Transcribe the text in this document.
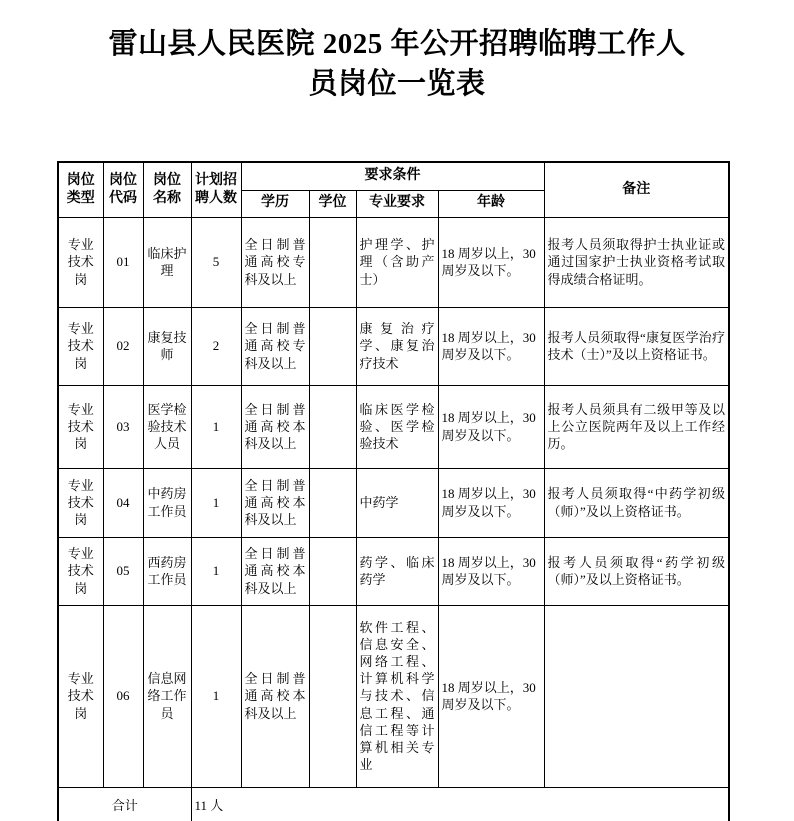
雷山县人民医院 2025 年公开招聘临聘工作人员岗位一览表
岗位类型	岗位代码	岗位名称	计划招聘人数	要求条件				备注
				学历	学位	专业要求	年龄	
专业技术岗	01	临床护理	5	全日制普通高校专科及以上		护理学、护理（含助产士）	18 周岁以上，30 周岁及以下。	报考人员须取得护士执业证或通过国家护士执业资格考试取得成绩合格证明。
专业技术岗	02	康复技师	2	全日制普通高校专科及以上		康复治疗学、康复治疗技术	18 周岁以上，30 周岁及以下。	报考人员须取得“康复医学治疗技术（士）”及以上资格证书。
专业技术岗	03	医学检验技术人员	1	全日制普通高校本科及以上		临床医学检验、医学检验技术	18 周岁以上，30 周岁及以下。	报考人员须具有二级甲等及以上公立医院两年及以上工作经历。
专业技术岗	04	中药房工作员	1	全日制普通高校本科及以上		中药学	18 周岁以上，30 周岁及以下。	报考人员须取得“中药学初级（师）”及以上资格证书。
专业技术岗	05	西药房工作员	1	全日制普通高校本科及以上		药学、临床药学	18 周岁以上，30 周岁及以下。	报考人员须取得“药学初级（师）”及以上资格证书。
专业技术岗	06	信息网络工作员	1	全日制普通高校本科及以上		软件工程、信息安全、网络工程、计算机科学与技术、信息工程、通信工程等计算机相关专业	18 周岁以上，30 周岁及以下。	
合计			11 人					
